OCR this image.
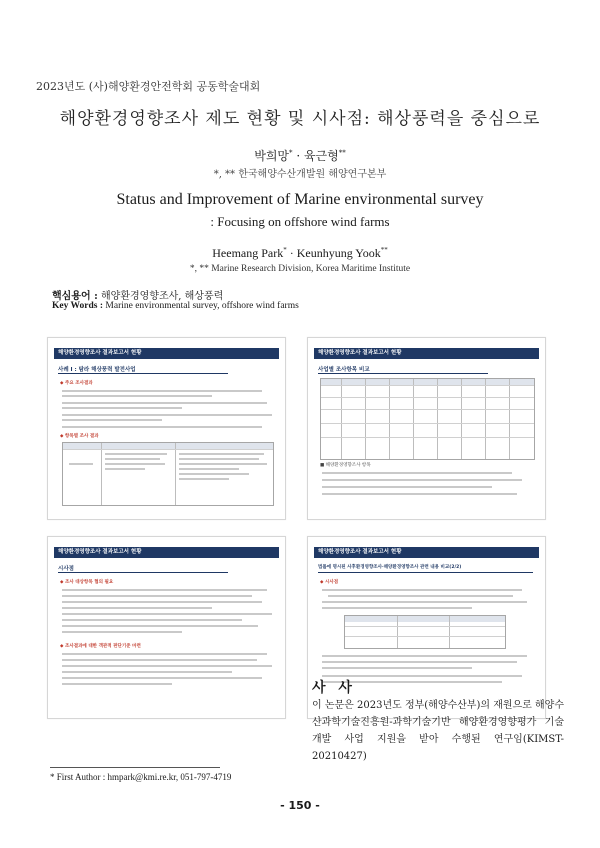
2023년도 (사)해양환경안전학회 공동학술대회
해양환경영향조사 제도 현황 및 시사점: 해상풍력을 중심으로
박희망* · 육근형**
*, ** 한국해양수산개발원 해양연구본부
Status and Improvement of Marine environmental survey
: Focusing on offshore wind farms
Heemang Park* · Keunhyung Yook**
*, ** Marine Research Division, Korea Maritime Institute
핵심용어 : 해양환경영향조사, 해상풍력
Key Words : Marine environmental survey, offshore wind farms
해양환경영향조사 결과보고서 현황
사례 I : 탐라 해상풍력 발전사업
◆ 주요 조사결과
◆ 항목별 조사 결과
해양환경영향조사 결과보고서 현황
사업별 조사항목 비교
■ 해양환경영향조사 항목
해양환경영향조사 결과보고서 현황
시사점
◆ 조사 대상항목 협의 필요
◆ 조사결과에 대한 객관적 판단기준 마련
해양환경영향조사 결과보고서 현황
법률에 명시된 사후환경영향조사·해양환경영향조사 관련 내용 비교(2/2)
◆ 시사점
사 사
이 논문은 2023년도 정부(해양수산부)의 재원으로 해양수산과학기술진흥원-과학기술기반 해양환경영향평가 기술 개발 사업 지원을 받아 수행된 연구임(KIMST-20210427)
* First Author : hmpark@kmi.re.kr, 051-797-4719
- 150 -
